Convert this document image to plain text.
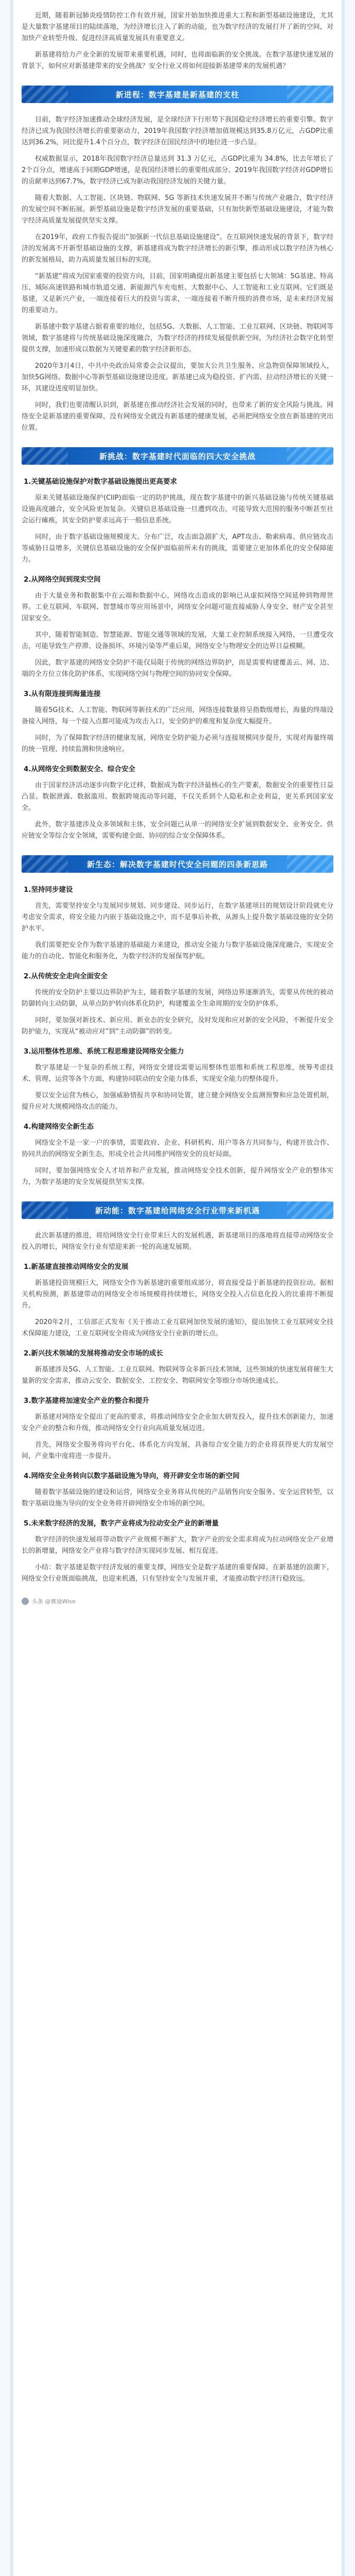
近期，随着新冠肺炎疫情防控工作有效开展，国家开始加快推进重大工程和新型基础设施建设，尤其是大量数字基建项目的陆续落地，为经济增长注入了新的动能，也为数字经济的发展打开了新的空间，对加快产业转型升级、促进经济高质量发展具有重要意义。

新基建将给力产业全新的发展带来重要机遇，同时，也将面临新的安全挑战。在数字基建快速发展的背景下，如何应对新基建带来的安全挑战？安全行业又将如何迎接新基建带来的发展机遇？

新进程：数字基建是新基建的支柱

目前，数字经济加速推动全球经济发展，是全球经济下行形势下我国稳定经济增长的重要引擎。数字经济已成为我国经济增长的重要驱动力，2019年我国数字经济增加值规模达到35.8万亿元，占GDP比重达到36.2%，同比提升1.4个百分点，数字经济在国民经济中的地位进一步凸显。

权威数据显示，2018年我国数字经济总量达到 31.3 万亿元，占GDP比重为 34.8%，比去年增长了2个百分点，增速高于同期GDP增速，是我国经济增长的重要组成部分。2019年我国数字经济对GDP增长的贡献率达到67.7%，数字经济已成为驱动我国经济发展的关键力量。

随着大数据、人工智能、区块链、物联网、5G 等新技术快速发展并不断与传统产业融合，数字经济的发展空间不断拓展。新型基础设施是数字经济发展的重要基础，只有加快新型基础设施建设，才能为数字经济高质量发展提供坚实支撑。

在2019年，政府工作报告提出“加强新一代信息基础设施建设”。在互联网快速发展的背景下，数字经济的发展离不开新型基础设施的支撑，新基建将成为数字经济增长的新引擎，推动形成以数字经济为核心的新发展格局，助力高质量发展目标的实现。

“新基建”将成为国家重要的投资方向，目前，国家明确提出新基建主要包括七大领域：5G基建、特高压、城际高速铁路和城市轨道交通、新能源汽车充电桩、大数据中心、人工智能和工业互联网。它们既是基建，又是新兴产业，一端连接着巨大的投资与需求，一端连接着不断升级的消费市场，是未来经济发展的重要动力。

新基建中数字基建占据着重要的地位，包括5G、大数据、人工智能、工业互联网、区块链、物联网等领域，数字基建将与传统基础设施深度融合，为数字经济的持续发展提供新空间，为经济社会数字化转型提供支撑，加速形成以数据为关键要素的数字经济新形态。

2020年3月4日，中共中央政治局常委会会议提出，要加大公共卫生服务、应急物资保障领域投入，加快5G网络、数据中心等新型基础设施建设进度。新基建已成为稳投资、扩内需、拉动经济增长的关键一环，其建设进度明显加快。

同时，我们也要清醒认识到，新基建在推动经济社会发展的同时，也带来了新的安全风险与挑战。网络安全是新基建的重要保障，没有网络安全就没有新基建的健康发展，必须把网络安全放在新基建的突出位置。

新挑战：数字基建时代面临的四大安全挑战
1.关键基础设施保护对数字基础设施提出更高要求

原来关键基础设施保护(CIIP)面临一定的防护挑战，现在数字基建中的新兴基础设施与传统关键基础设施高度融合，安全风险更加复杂。关键信息基础设施一旦遭到攻击，可能导致大范围的服务中断甚至社会运行瘫痪，其安全防护要求远高于一般信息系统。

同时，由于数字基础设施规模庞大、分布广泛，攻击面急剧扩大，APT攻击、勒索病毒、供应链攻击等威胁日益增多，关键信息基础设施的安全保护面临前所未有的挑战，需要建立更加体系化的安全保障能力。

2.从网络空间到现实空间

由于大量业务和数据集中在云端和数据中心，网络攻击造成的影响已从虚拟网络空间延伸到物理世界。工业互联网、车联网、智慧城市等应用场景中，网络安全问题可能直接威胁人身安全、财产安全甚至国家安全。

其中，随着智能制造、智慧能源、智能交通等领域的发展，大量工业控制系统接入网络，一旦遭受攻击，可能导致生产停滞、设备损坏、环境污染等严重后果，网络安全与物理安全的边界日益模糊。

因此，数字基建的网络安全防护不能仅局限于传统的网络边界防护，而是需要构建覆盖云、网、边、端的全方位立体化防护体系，实现网络空间与物理空间的协同安全保障。

3.从有限连接到海量连接

随着5G技术、人工智能、物联网等新技术的广泛应用，网络连接数量将呈指数级增长，海量的终端设备接入网络，每一个接入点都可能成为攻击入口，安全防护的难度和复杂度大幅提升。

同时，为了保障数字经济的健康发展，网络安全防护能力必须与连接规模同步提升，实现对海量终端的统一管理、持续监测和快速响应。

4.从网络安全到数据安全、综合安全

由于国家经济活动逐步向数字化迁移，数据成为数字经济最核心的生产要素，数据安全的重要性日益凸显。数据泄露、数据滥用、数据跨境流动等问题，不仅关系到个人隐私和企业利益，更关系到国家安全。

此外，数字基建涉及众多领域和主体，安全问题已从单一的网络安全扩展到数据安全、业务安全、供应链安全等综合安全领域，需要构建全面、协同的综合安全保障体系。

新生态：解决数字基建时代安全问题的四条新思路
1.坚持同步建设

首先，需要坚持安全与发展同步规划、同步建设、同步运行，在数字基建项目的规划设计阶段就充分考虑安全需求，将安全能力内嵌于基础设施之中，而不是事后补救，从源头上提升数字基础设施的安全防护水平。

我们需要把安全作为数字基建的基础能力来建设，推动安全能力与数字基础设施深度融合，实现安全能力的自动化、智能化和服务化，为数字经济的发展保驾护航。

2.从传统安全走向全面安全

传统的安全防护主要以边界防护为主，随着数字基建的发展，网络边界逐渐消失，需要从传统的被动防御转向主动防御，从单点防护转向体系化防护，构建覆盖全生命周期的安全防护体系。

同时，要加强对新技术、新应用、新业态的安全研究，及时发现和应对新的安全风险，不断提升安全防护能力，实现从“被动应对”到“主动防御”的转变。

3.运用整体性思维、系统工程思维建设网络安全能力

数字基建是一个复杂的系统工程，网络安全建设需要运用整体性思维和系统工程思维，统筹考虑技术、管理、运营等各个方面，构建协同联动的安全能力体系，实现安全能力的整体提升。

要以安全运营为核心，加强威胁情报共享和协同处置，建立健全网络安全监测预警和应急处置机制，提升应对大规模网络攻击的能力。

4.构建网络安全新生态

网络安全不是一家一户的事情，需要政府、企业、科研机构、用户等各方共同参与，构建开放合作、协同共治的网络安全新生态，形成全社会共同维护网络安全的良好局面。

同时，要加强网络安全人才培养和产业发展，推动网络安全技术创新，提升网络安全产业的整体实力，为数字基建的安全发展提供坚实支撑。

新动能：数字基建给网络安全行业带来新机遇

此次新基建的推进，将给网络安全行业带来巨大的发展机遇，新基建项目的落地将直接带动网络安全投入的增长，网络安全行业有望迎来新一轮的高速发展期。

1.新基建直接推动网络安全的发展

新基建投资规模巨大，网络安全作为新基建的重要组成部分，将直接受益于新基建的投资拉动。据相关机构预测，新基建带动的网络安全市场规模将持续增长，网络安全投入占信息化投入的比重将不断提升。

2020年2月，工信部正式发布《关于推动工业互联网加快发展的通知》，提出加快工业互联网安全技术保障能力建设，工业互联网安全将成为网络安全行业新的增长点。

2.新兴技术领域的发展将推动安全市场的成长

新基建涉及5G、人工智能、工业互联网、物联网等众多新兴技术领域，这些领域的快速发展将催生大量新的安全需求，推动云安全、数据安全、工控安全、物联网安全等细分市场快速成长。

3.数字基建将加速安全产业的整合和提升

新基建对网络安全提出了更高的要求，将推动网络安全企业加大研发投入，提升技术创新能力，加速安全产业的整合和升级，推动网络安全行业向高质量发展迈进。

首先，网络安全服务将向平台化、体系化方向发展，具备综合安全能力的企业将获得更大的发展空间，产业集中度将进一步提升。

4.网络安全业务转向以数字基础设施为导向，将开辟安全市场的新空间

随着数字基础设施的建设和运营，网络安全业务将从传统的产品销售向安全服务、安全运营转型，以数字基础设施为导向的安全业务将开辟网络安全市场的新空间。

5.未来数字经济的发展，数字产业将成为拉动安全产业的新增量

数字经济的快速发展将带动数字产业规模不断扩大，数字产业的安全需求将成为拉动网络安全产业增长的新增量，网络安全产业将与数字经济实现同步发展、相互促进。

小结：数字基建是数字经济发展的重要支撑，网络安全是数字基建的重要保障。在新基建的浪潮下，网络安全行业既面临挑战，也迎来机遇，只有坚持安全与发展并重，才能推动数字经济行稳致远。

头条 @赛迪Wise
